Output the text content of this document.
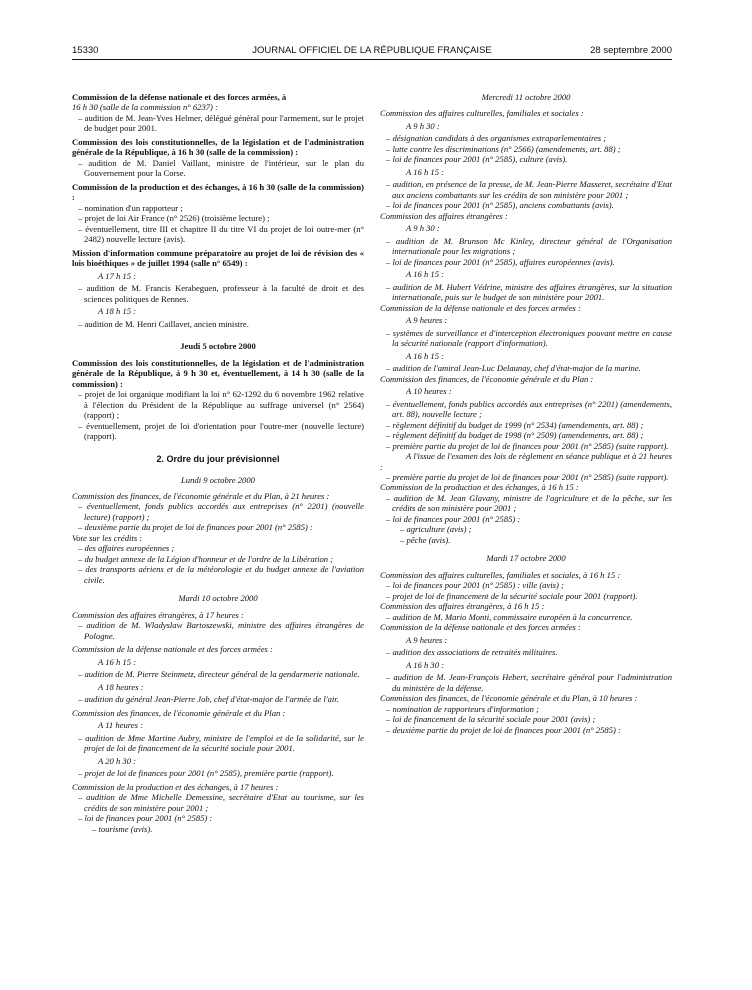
15330	JOURNAL OFFICIEL DE LA RÉPUBLIQUE FRANÇAISE	28 septembre 2000

Commission de la défense nationale et des forces armées, à

16 h 30 (salle de la commission n° 6237) :

– audition de M. Jean-Yves Helmer, délégué général pour l'armement, sur le projet de budget pour 2001.

Commission des lois constitutionnelles, de la législation et de l'administration générale de la République, à 16 h 30 (salle de la commission) :

– audition de M. Daniel Vaillant, ministre de l'intérieur, sur le plan du Gouvernement pour la Corse.

Commission de la production et des échanges, à 16 h 30 (salle de la commission) :

– nomination d'un rapporteur ;

– projet de loi Air France (n° 2526) (troisième lecture) ;

– éventuellement, titre III et chapitre II du titre VI du projet de loi outre-mer (n° 2482) nouvelle lecture (avis).

Mission d'information commune préparatoire au projet de loi de révision des « lois bioéthiques » de juillet 1994 (salle n° 6549) :

A 17 h 15 :

– audition de M. Francis Kerabeguen, professeur à la faculté de droit et des sciences politiques de Rennes.

A 18 h 15 :

– audition de M. Henri Caillavet, ancien ministre.

Jeudi 5 octobre 2000

Commission des lois constitutionnelles, de la législation et de l'administration générale de la République, à 9 h 30 et, éventuellement, à 14 h 30 (salle de la commission) :

– projet de loi organique modifiant la loi n° 62-1292 du 6 novembre 1962 relative à l'élection du Président de la République au suffrage universel (n° 2564) (rapport) ;

– éventuellement, projet de loi d'orientation pour l'outre-mer (nouvelle lecture) (rapport).

2. Ordre du jour prévisionnel

Lundi 9 octobre 2000

Commission des finances, de l'économie générale et du Plan, à 21 heures :

– éventuellement, fonds publics accordés aux entreprises (n° 2201) (nouvelle lecture) (rapport) ;

– deuxième partie du projet de loi de finances pour 2001 (n° 2585) :

Vote sur les crédits :

– des affaires européennes ;

– du budget annexe de la Légion d'honneur et de l'ordre de la Libération ;

– des transports aériens et de la météorologie et du budget annexe de l'aviation civile.

Mardi 10 octobre 2000

Commission des affaires étrangères, à 17 heures :

– audition de M. Wladyslaw Bartoszewski, ministre des affaires étrangères de Pologne.

Commission de la défense nationale et des forces armées :

A 16 h 15 :

– audition de M. Pierre Steinmetz, directeur général de la gendarmerie nationale.

A 18 heures :

– audition du général Jean-Pierre Job, chef d'état-major de l'armée de l'air.

Commission des finances, de l'économie générale et du Plan :

A 11 heures :

– audition de Mme Martine Aubry, ministre de l'emploi et de la solidarité, sur le projet de loi de financement de la sécurité sociale pour 2001.

A 20 h 30 :

– projet de loi de finances pour 2001 (n° 2585), première partie (rapport).

Commission de la production et des échanges, à 17 heures :

– audition de Mme Michelle Demessine, secrétaire d'Etat au tourisme, sur les crédits de son ministère pour 2001 ;

– loi de finances pour 2001 (n° 2585) :

– tourisme (avis).

Mercredi 11 octobre 2000

Commission des affaires culturelles, familiales et sociales :

A 9 h 30 :

– désignation candidats à des organismes extraparlementaires ;

– lutte contre les discriminations (n° 2566) (amendements, art. 88) ;

– loi de finances pour 2001 (n° 2585), culture (avis).

A 16 h 15 :

– audition, en présence de la presse, de M. Jean-Pierre Masseret, secrétaire d'Etat aux anciens combattants sur les crédits de son ministère pour 2001 ;

– loi de finances pour 2001 (n° 2585), anciens combattants (avis).

Commission des affaires étrangères :

A 9 h 30 :

– audition de M. Brunson Mc Kinley, directeur général de l'Organisation internationale pour les migrations ;

– loi de finances pour 2001 (n° 2585), affaires européennes (avis).

A 16 h 15 :

– audition de M. Hubert Védrine, ministre des affaires étrangères, sur la situation internationale, puis sur le budget de son ministère pour 2001.

Commission de la défense nationale et des forces armées :

A 9 heures :

– systèmes de surveillance et d'interception électroniques pouvant mettre en cause la sécurité nationale (rapport d'information).

A 16 h 15 :

– audition de l'amiral Jean-Luc Delaunay, chef d'état-major de la marine.

Commission des finances, de l'économie générale et du Plan :

A 10 heures :

– éventuellement, fonds publics accordés aux entreprises (n° 2201) (amendements, art. 88), nouvelle lecture ;

– règlement définitif du budget de 1999 (n° 2534) (amendements, art. 88) ;

– règlement définitif du budget de 1998 (n° 2509) (amendements, art. 88) ;

– première partie du projet de loi de finances pour 2001 (n° 2585) (suite rapport).

A l'issue de l'examen des lois de règlement en séance publique et à 21 heures :

– première partie du projet de loi de finances pour 2001 (n° 2585) (suite rapport).

Commission de la production et des échanges, à 16 h 15 :

– audition de M. Jean Glavany, ministre de l'agriculture et de la pêche, sur les crédits de son ministère pour 2001 ;

– loi de finances pour 2001 (n° 2585) :

– agriculture (avis) ;

– pêche (avis).

Mardi 17 octobre 2000

Commission des affaires culturelles, familiales et sociales, à 16 h 15 :

– loi de finances pour 2001 (n° 2585) : ville (avis) ;

– projet de loi de financement de la sécurité sociale pour 2001 (rapport).

Commission des affaires étrangères, à 16 h 15 :

– audition de M. Mario Monti, commissaire européen à la concurrence.

Commission de la défense nationale et des forces armées :

A 9 heures :

– audition des associations de retraités militaires.

A 16 h 30 :

– audition de M. Jean-François Hebert, secrétaire général pour l'administration du ministère de la défense.

Commission des finances, de l'économie générale et du Plan, à 10 heures :

– nomination de rapporteurs d'information ;

– loi de financement de la sécurité sociale pour 2001 (avis) ;

– deuxième partie du projet de loi de finances pour 2001 (n° 2585) :
